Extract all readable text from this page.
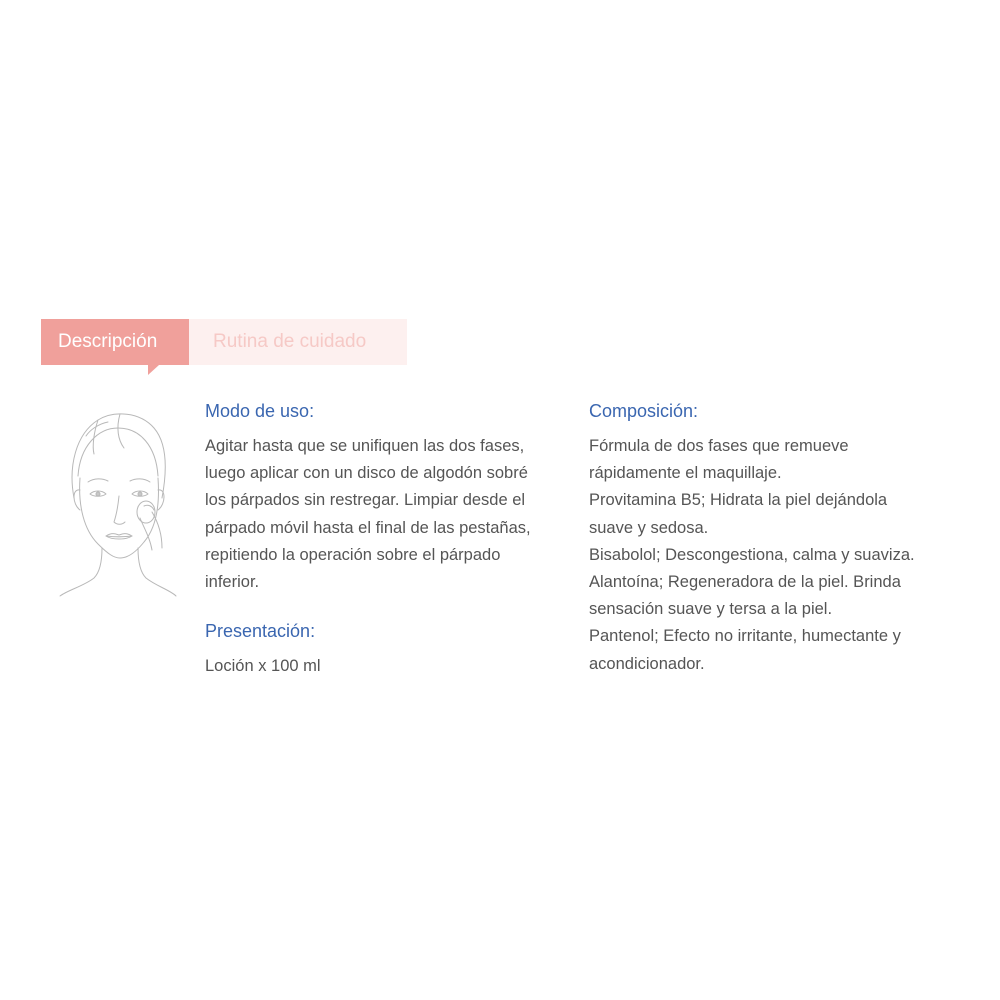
Descripción	Rutina de cuidado
Modo de uso:
Agitar hasta que se unifiquen las dos fases,
luego aplicar con un disco de algodón sobré
los párpados sin restregar. Limpiar desde el
párpado móvil hasta el final de las pestañas,
repitiendo la operación sobre el párpado
inferior.
Presentación:
Loción x 100 ml
Composición:
Fórmula de dos fases que remueve
rápidamente el maquillaje.
Provitamina B5; Hidrata la piel dejándola
suave y sedosa.
Bisabolol; Descongestiona, calma y suaviza.
Alantoína; Regeneradora de la piel. Brinda
sensación suave y tersa a la piel.
Pantenol; Efecto no irritante, humectante y
acondicionador.
